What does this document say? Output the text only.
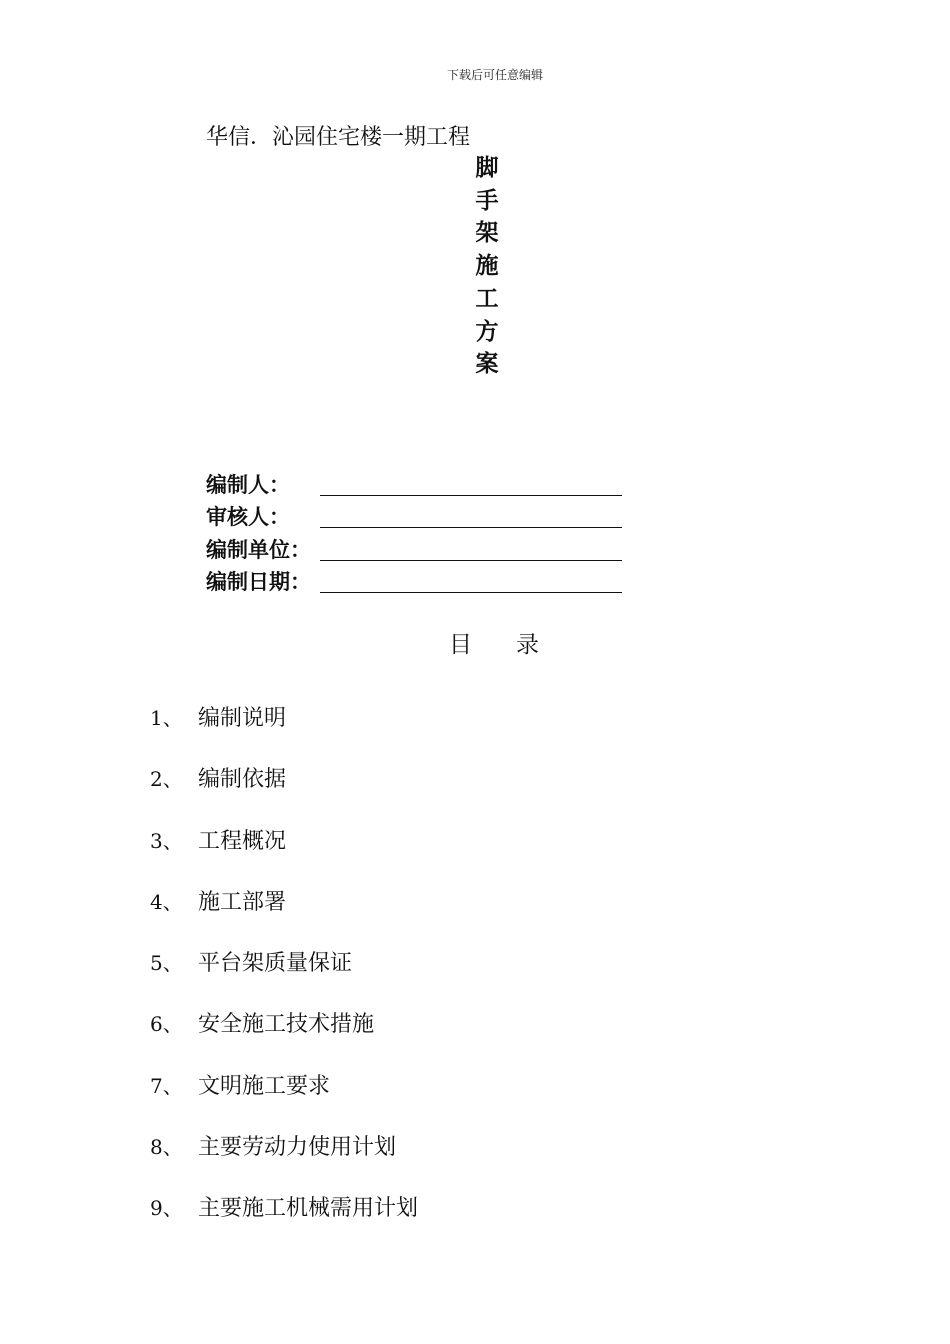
下载后可任意编辑
华信．沁园住宅楼一期工程
脚
手
架
施
工
方
案
编制人：
审核人：
编制单位：
编制日期：
目 录
1、 编制说明
2、 编制依据
3、 工程概况
4、 施工部署
5、 平台架质量保证
6、 安全施工技术措施
7、 文明施工要求
8、 主要劳动力使用计划
9、 主要施工机械需用计划
